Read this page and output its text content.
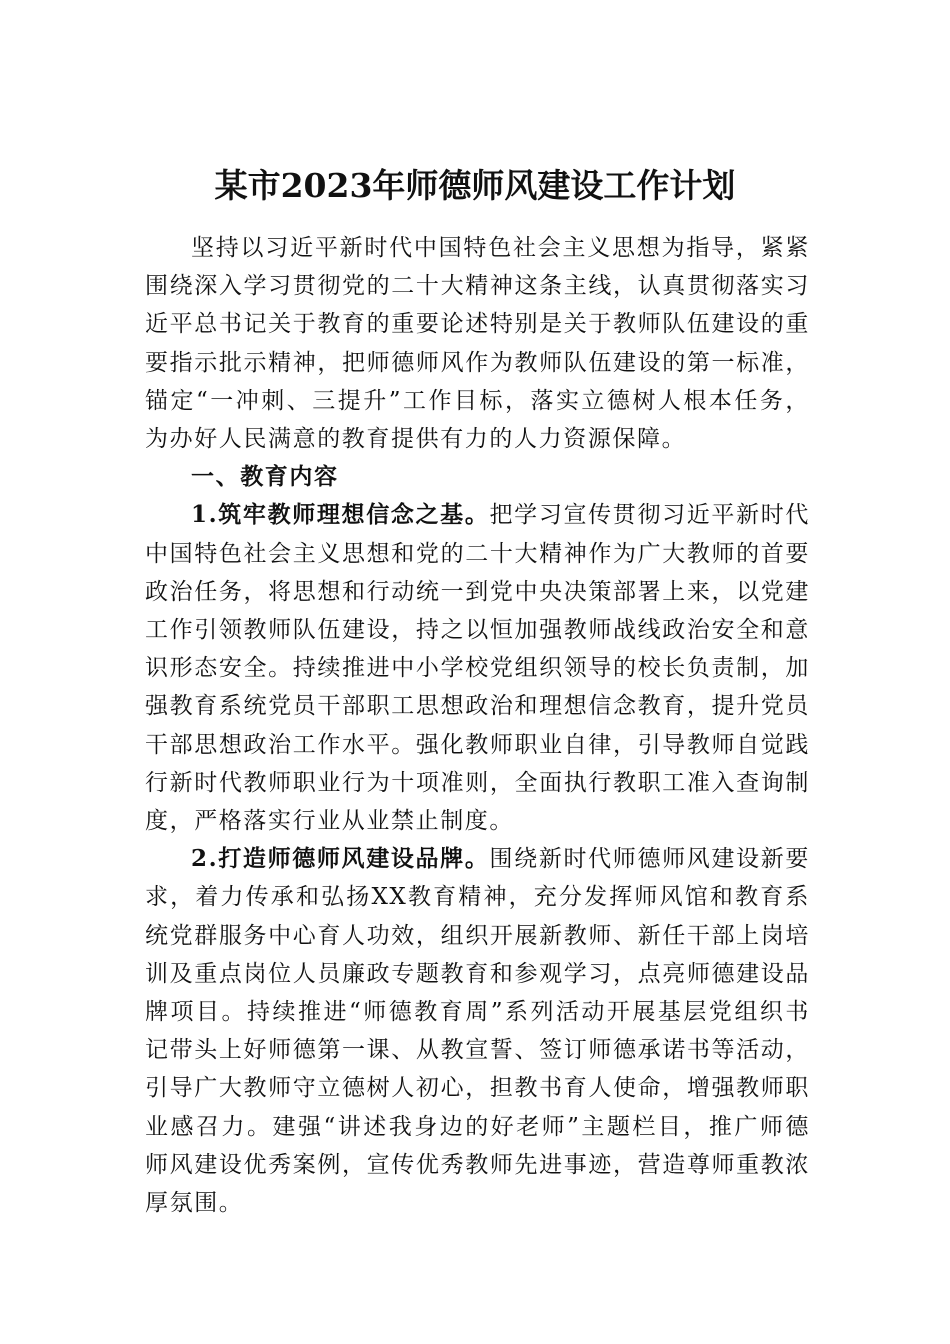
某市2023年师德师风建设工作计划

坚持以习近平新时代中国特色社会主义思想为指导，紧紧围绕深入学习贯彻党的二十大精神这条主线，认真贯彻落实习近平总书记关于教育的重要论述特别是关于教师队伍建设的重要指示批示精神，把师德师风作为教师队伍建设的第一标准，锚定“一冲刺、三提升”工作目标，落实立德树人根本任务，为办好人民满意的教育提供有力的人力资源保障。

一、教育内容

1.筑牢教师理想信念之基。把学习宣传贯彻习近平新时代中国特色社会主义思想和党的二十大精神作为广大教师的首要政治任务，将思想和行动统一到党中央决策部署上来，以党建工作引领教师队伍建设，持之以恒加强教师战线政治安全和意识形态安全。持续推进中小学校党组织领导的校长负责制，加强教育系统党员干部职工思想政治和理想信念教育，提升党员干部思想政治工作水平。强化教师职业自律，引导教师自觉践行新时代教师职业行为十项准则，全面执行教职工准入查询制度，严格落实行业从业禁止制度。

2.打造师德师风建设品牌。围绕新时代师德师风建设新要求，着力传承和弘扬XX教育精神，充分发挥师风馆和教育系统党群服务中心育人功效，组织开展新教师、新任干部上岗培训及重点岗位人员廉政专题教育和参观学习，点亮师德建设品牌项目。持续推进“师德教育周”系列活动开展基层党组织书记带头上好师德第一课、从教宣誓、签订师德承诺书等活动，引导广大教师守立德树人初心，担教书育人使命，增强教师职业感召力。建强“讲述我身边的好老师”主题栏目，推广师德师风建设优秀案例，宣传优秀教师先进事迹，营造尊师重教浓厚氛围。
